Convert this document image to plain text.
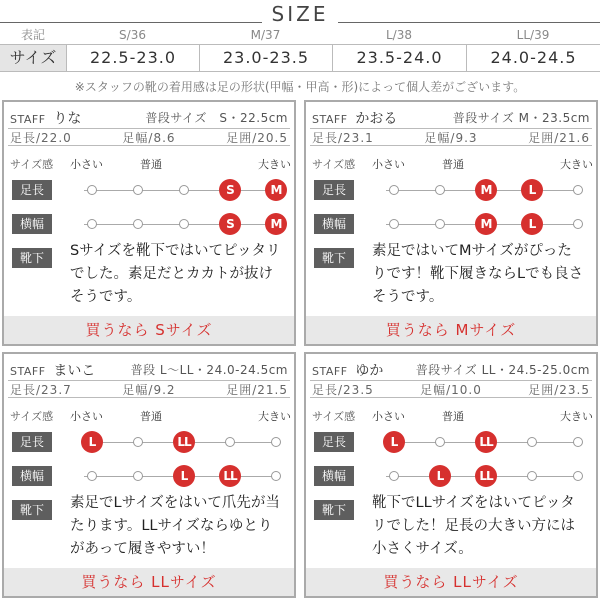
SIZE
表記	S/36	M/37	L/38	LL/39
サイズ	22.5-23.0	23.0-23.5	23.5-24.0	24.0-24.5
※スタッフの靴の着用感は足の形状(甲幅・甲高・形)によって個人差がございます。
STAFF りな	普段サイズ　S・22.5cm
足長/22.0	足幅/8.6	足囲/20.5
サイズ感 小さい	普通	大きい
足長
横幅
靴下
S	M
S	M
Sサイズを靴下ではいてピッタリでした。素足だとカカトが抜けそうです。
買うなら Sサイズ
STAFF かおる	普段サイズ M・23.5cm
足長/23.1	足幅/9.3	足囲/21.6
サイズ感 小さい	普通	大きい
足長
横幅
靴下
M	L
M	L
素足ではいてMサイズがぴったりです！靴下履きならLでも良さそうです。
買うなら Mサイズ
STAFF まいこ	普段 L〜LL・24.0-24.5cm
足長/23.7	足幅/9.2	足囲/21.5
サイズ感 小さい	普通	大きい
足長
横幅
靴下
L	LL
L	LL
素足でLサイズをはいて爪先が当たります。LLサイズならゆとりがあって履きやすい！
買うなら LLサイズ
STAFF ゆか	普段サイズ LL・24.5-25.0cm
足長/23.5	足幅/10.0	足囲/23.5
サイズ感 小さい	普通	大きい
足長
横幅
靴下
L	LL
L	LL
靴下でLLサイズをはいてピッタリでした！足長の大きい方には小さくサイズ。
買うなら LLサイズ
